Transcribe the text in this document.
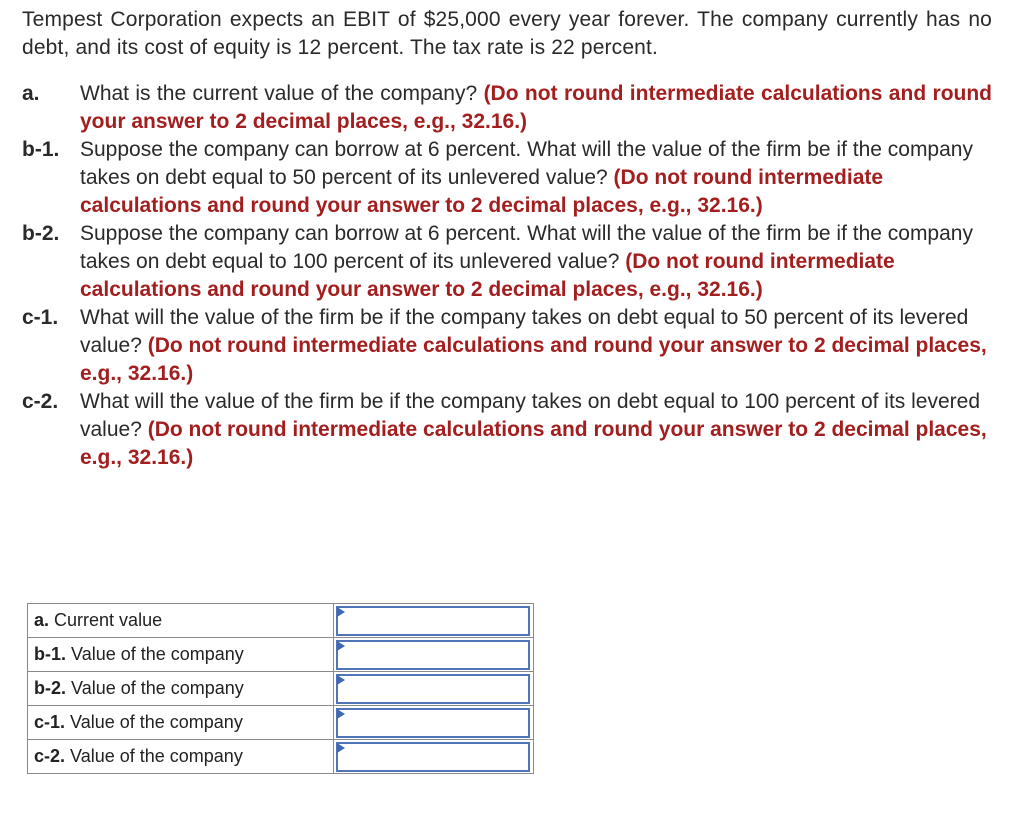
Tempest Corporation expects an EBIT of $25,000 every year forever. The company currently has no debt, and its cost of equity is 12 percent. The tax rate is 22 percent.

a.	What is the current value of the company? (Do not round intermediate calculations and round your answer to 2 decimal places, e.g., 32.16.)
b-1. Suppose the company can borrow at 6 percent. What will the value of the firm be if the company takes on debt equal to 50 percent of its unlevered value? (Do not round intermediate calculations and round your answer to 2 decimal places, e.g., 32.16.)
b-2. Suppose the company can borrow at 6 percent. What will the value of the firm be if the company takes on debt equal to 100 percent of its unlevered value? (Do not round intermediate calculations and round your answer to 2 decimal places, e.g., 32.16.)
c-1.	What will the value of the firm be if the company takes on debt equal to 50 percent of its levered value? (Do not round intermediate calculations and round your answer to 2 decimal places, e.g., 32.16.)
c-2.	What will the value of the firm be if the company takes on debt equal to 100 percent of its levered value? (Do not round intermediate calculations and round your answer to 2 decimal places, e.g., 32.16.)
a. Current value	

b-1. Value of the company	

b-2. Value of the company	

c-1. Value of the company	

c-2. Value of the company	
